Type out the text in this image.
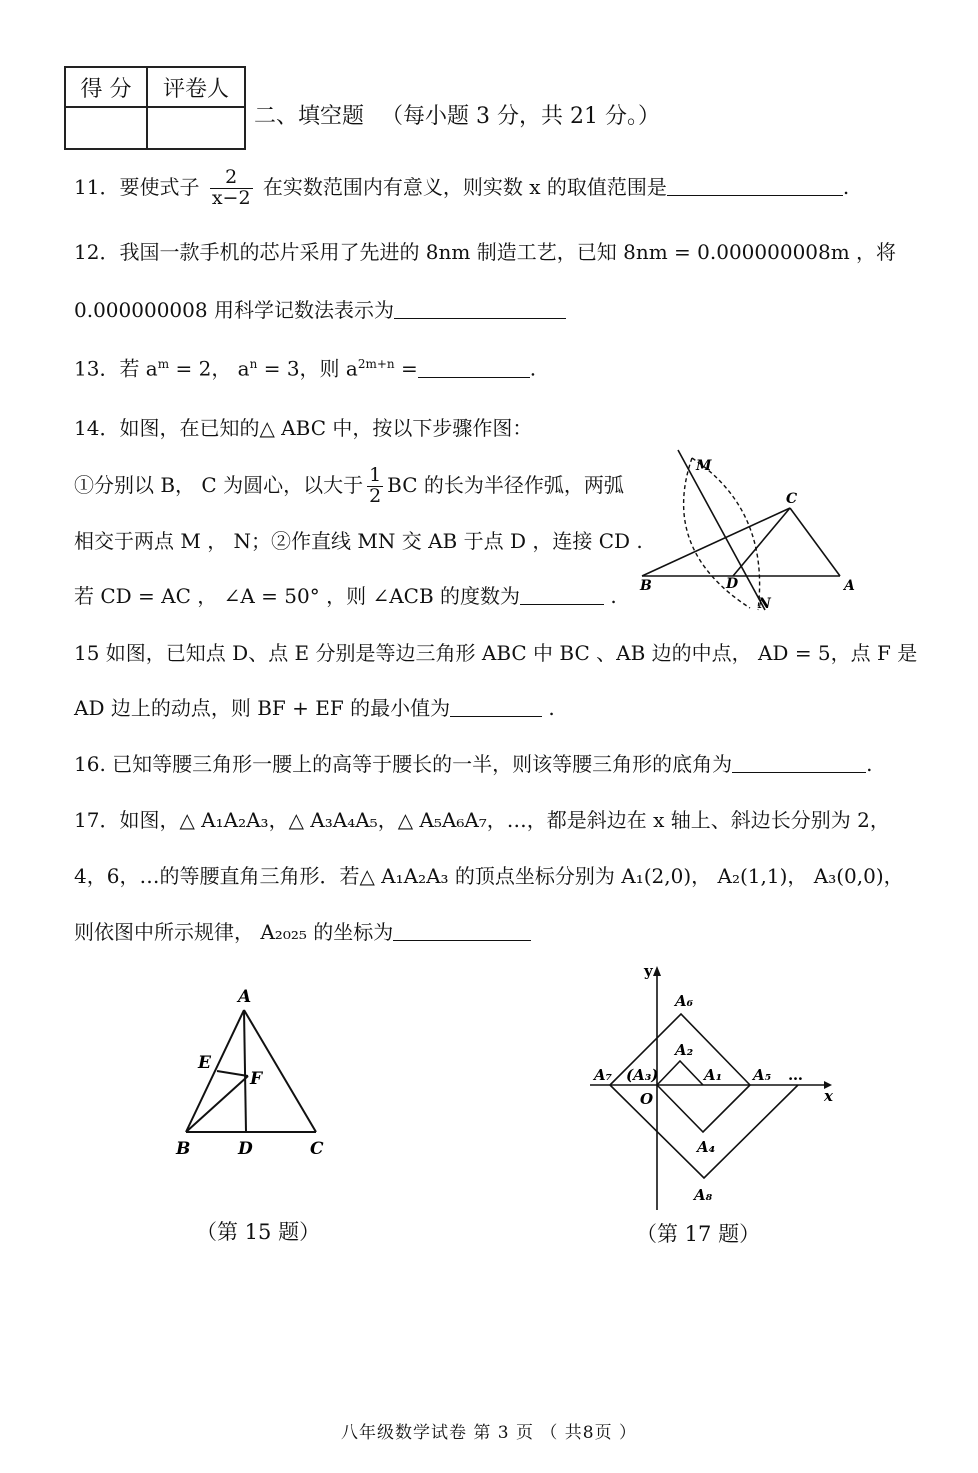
得 分	评卷人

二、填空题 （每小题 3 分，共 21 分。）
11．要使式子 $\frac{2}{x-2}$ 在实数范围内有意义，则实数 x 的取值范围是	.
12．我国一款手机的芯片采用了先进的 8nm 制造工艺，已知 8nm = 0.000000008m ，将
0.000000008 用科学记数法表示为
13．若 $a^m = 2$， $a^n = 3$，则 $a^{2m+n}$ =	.
14．如图，在已知的△ ABC 中，按以下步骤作图：
①分别以 B， C 为圆心，以大于 $\frac{1}{2}$ BC 的长为半径作弧，两弧
相交于两点 M ， N；②作直线 MN 交 AB 于点 D ，连接 CD .
若 CD = AC ， ∠A = 50° ，则 ∠ACB 的度数为	.
M
C
B	D	A
N
15 如图，已知点 D、点 E 分别是等边三角形 ABC 中 BC 、AB 边的中点， AD = 5，点 F 是
AD 边上的动点，则 BF + EF 的最小值为	.
16. 已知等腰三角形一腰上的高等于腰长的一半，则该等腰三角形的底角为	.
17．如图，△ A₁A₂A₃，△ A₃A₄A₅，△ A₅A₆A₇，…，都是斜边在 x 轴上、斜边长分别为 2，
4，6，…的等腰直角三角形．若△ A₁A₂A₃ 的顶点坐标分别为 A₁(2,0)， A₂(1,1)， A₃(0,0)，
则依图中所示规律， A₂₀₂₅ 的坐标为
A
E
F
B	D	C
（第 15 题）
y
x
O
A₆
A₂
A₇ (A₃)	A₁ A₅ …
A₄
A₈
（第 17 题）
八年级数学试卷 第 3 页 （ 共8页 ）
